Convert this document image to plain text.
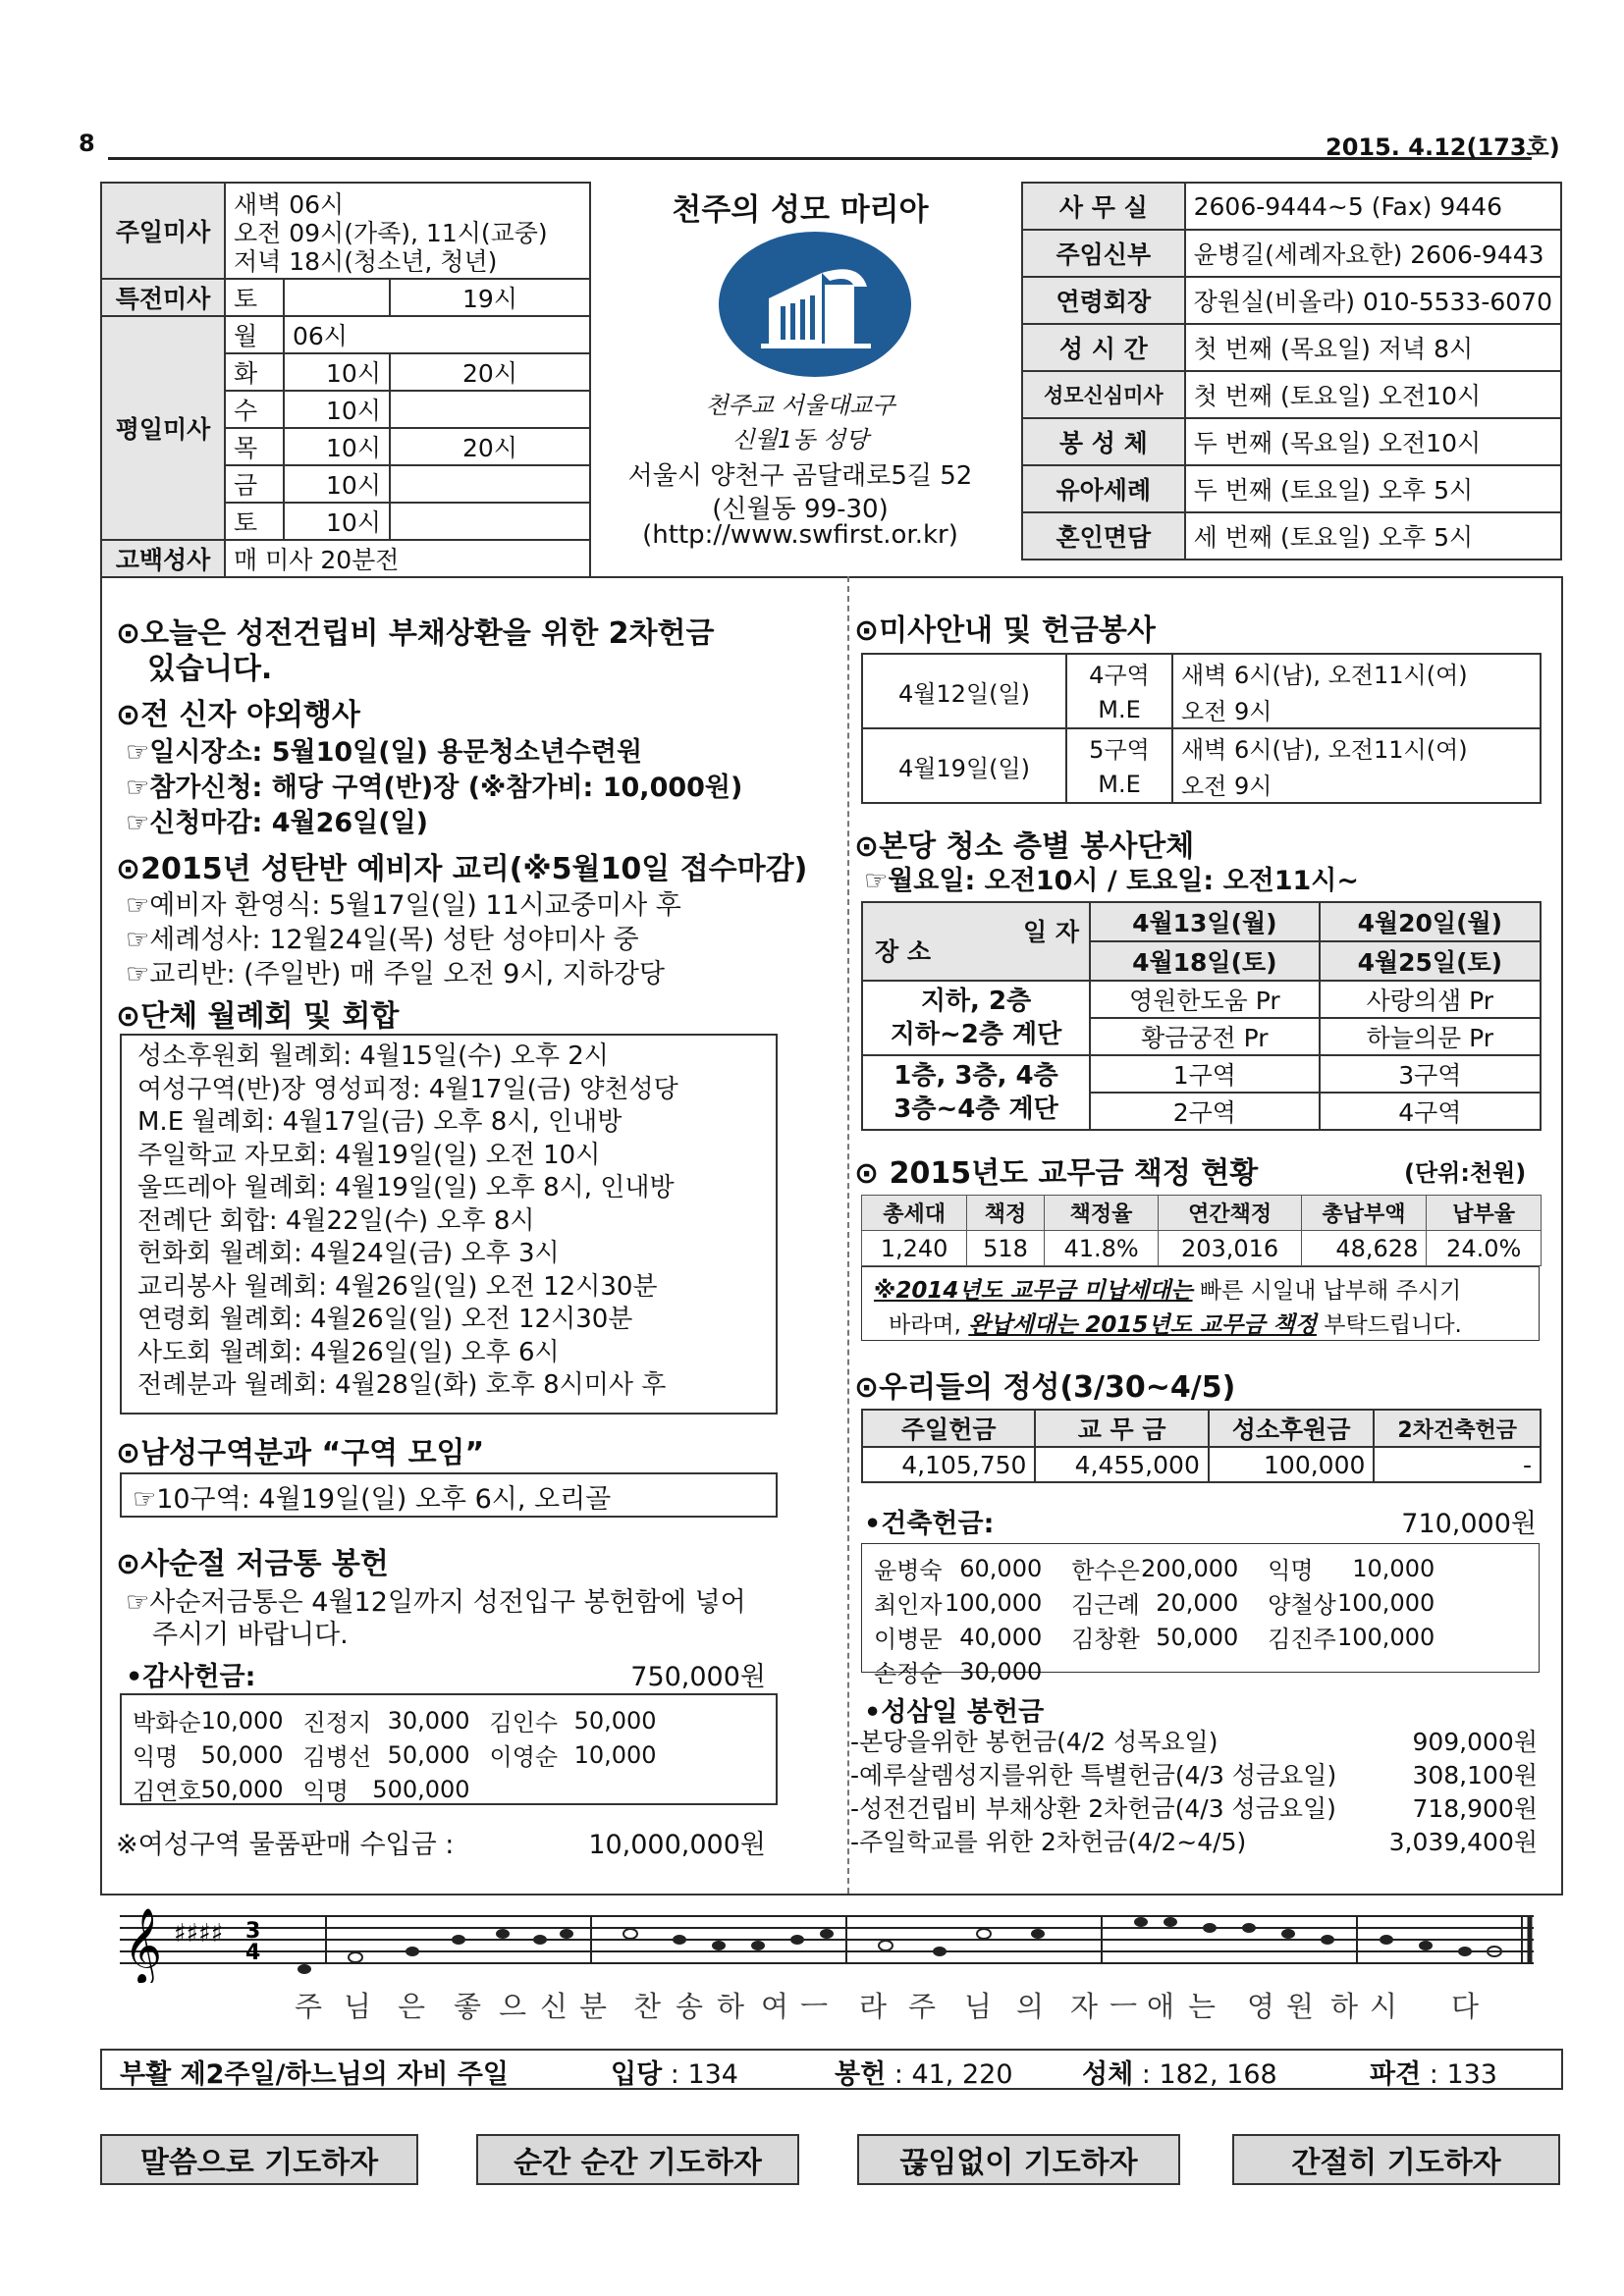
8	2015. 4.12(173호)
주일미사	새벽 06시
오전 09시(가족), 11시(교중)
저녁 18시(청소년, 청년)		

특전미사	토		19시
평일미사	월	06시	
	화	10시	20시
	수	10시	
	목	10시	20시
	금	10시	
	토	10시	
고백성사	매 미사 20분전		
천주의 성모 마리아
천주교 서울대교구
신월1동 성당
서울시 양천구 곰달래로5길 52
(신월동 99-30)
(http://www.swfirst.or.kr)
사 무 실	2606-9444~5 (Fax) 9446
주임신부	윤병길(세례자요한) 2606-9443
연령회장	장원실(비올라) 010-5533-6070
성 시 간	첫 번째 (목요일) 저녁 8시
성모신심미사	첫 번째 (토요일) 오전10시
봉 성 체	두 번째 (목요일) 오전10시
유아세례	두 번째 (토요일) 오후 5시
혼인면담	세 번째 (토요일) 오후 5시
⊙오늘은 성전건립비 부채상환을 위한 2차헌금
있습니다.
⊙전 신자 야외행사
☞일시장소: 5월10일(일) 용문청소년수련원
☞참가신청: 해당 구역(반)장 (※참가비: 10,000원)
☞신청마감: 4월26일(일)
⊙2015년 성탄반 예비자 교리(※5월10일 접수마감)
☞예비자 환영식: 5월17일(일) 11시교중미사 후
☞세례성사: 12월24일(목) 성탄 성야미사 중
☞교리반: (주일반) 매 주일 오전 9시, 지하강당
⊙단체 월례회 및 회합
성소후원회 월례회: 4월15일(수) 오후 2시
여성구역(반)장 영성피정: 4월17일(금) 양천성당
M.E 월례회: 4월17일(금) 오후 8시, 인내방
주일학교 자모회: 4월19일(일) 오전 10시
울뜨레아 월례회: 4월19일(일) 오후 8시, 인내방
전례단 회합: 4월22일(수) 오후 8시
헌화회 월례회: 4월24일(금) 오후 3시
교리봉사 월례회: 4월26일(일) 오전 12시30분
연령회 월례회: 4월26일(일) 오전 12시30분
사도회 월례회: 4월26일(일) 오후 6시
전례분과 월례회: 4월28일(화) 호후 8시미사 후
⊙남성구역분과 “구역 모임”
☞10구역: 4월19일(일) 오후 6시, 오리골
⊙사순절 저금통 봉헌
☞사순저금통은 4월12일까지 성전입구 봉헌함에 넣어
주시기 바랍니다.
•감사헌금:	750,000원
박화순	10,000	진정지	30,000	김인수	50,000
익명	50,000	김병선	50,000	이영순	10,000
김연호	50,000	익명	500,000		
※여성구역 물품판매 수입금 :	10,000,000원
⊙미사안내 및 헌금봉사
4월12일(일)	4구역	새벽 6시(남), 오전11시(여)
	M.E	오전 9시
4월19일(일)	5구역	새벽 6시(남), 오전11시(여)
	M.E	오전 9시
⊙본당 청소 층별 봉사단체
☞월요일: 오전10시 / 토요일: 오전11시~
일 자
장 소	4월13일(월)	4월20일(월)
	4월18일(토)	4월25일(토)

지하, 2층
지하~2층 계단	영원한도움 Pr	사랑의샘 Pr
	황금궁전 Pr	하늘의문 Pr

1층, 3층, 4층
3층~4층 계단	1구역	3구역
	2구역	4구역
⊙ 2015년도 교무금 책정 현황	(단위:천원)
총세대	책정	책정율	연간책정	총납부액	납부율
1,240	518	41.8%	203,016	48,628	24.0%
※2014년도 교무금 미납세대는 빠른 시일내 납부해 주시기
바라며, 완납세대는 2015년도 교무금 책정 부탁드립니다.
⊙우리들의 정성(3/30~4/5)
주일헌금	교 무 금	성소후원금	2차건축헌금
4,105,750	4,455,000	100,000	-
•건축헌금:	710,000원
윤병숙	60,000	한수은	200,000	익명	10,000
최인자	100,000	김근례	20,000	양철상	100,000
이병문	40,000	김창환	50,000	김진주	100,000
손정순	30,000				
•성삼일 봉헌금
-본당을위한 봉헌금(4/2 성목요일)	909,000원
-예루살렘성지를위한 특별헌금(4/3 성금요일)	308,100원
-성전건립비 부채상환 2차헌금(4/3 성금요일)	718,900원
-주일학교를 위한 2차헌금(4/2~4/5)	3,039,400원
𝄞 ♯♯♯♯ 3
4
주 님 은 좋 으 신 분 찬 송 하 여 ㅡ 라 주 님 의 자 ㅡ 애 는 영 원 하 시 다
부활 제2주일/하느님의 자비 주일	입당 : 134	봉헌 : 41, 220	성체 : 182, 168	파견 : 133
말씀으로 기도하자	순간 순간 기도하자	끊임없이 기도하자	간절히 기도하자
